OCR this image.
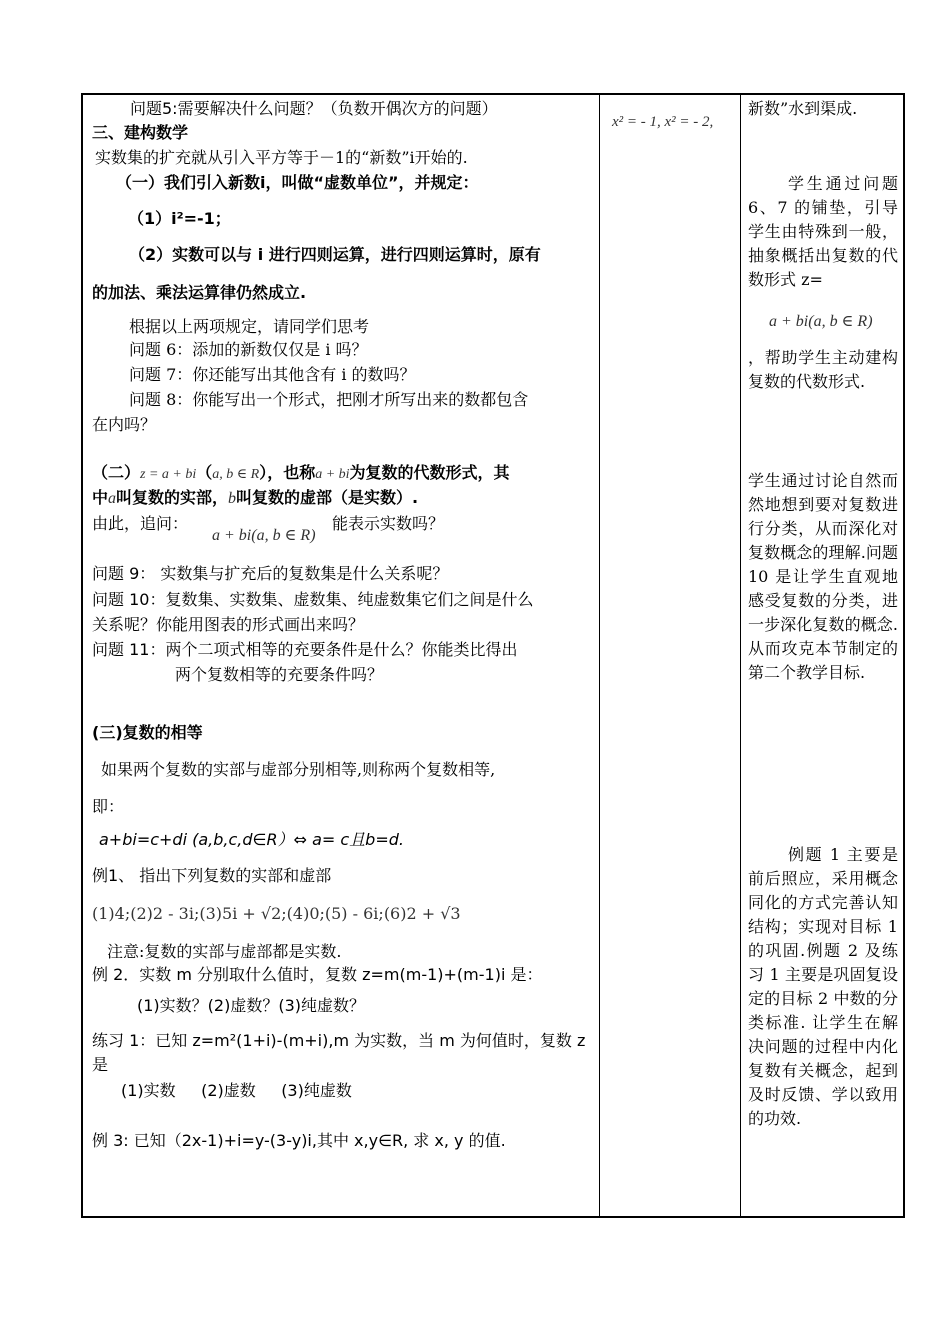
问题5:需要解决什么问题？（负数开偶次方的问题）
三、建构数学
实数集的扩充就从引入平方等于－1的“新数”i开始的.
（一）我们引入新数i，叫做“虚数单位”，并规定：
（1）i²=-1；
（2）实数可以与 i 进行四则运算，进行四则运算时，原有
的加法、乘法运算律仍然成立.
根据以上两项规定，请同学们思考
问题 6：添加的新数仅仅是 i 吗？
问题 7：你还能写出其他含有 i 的数吗？
问题 8：你能写出一个形式，把刚才所写出来的数都包含
在内吗？
（二）z = a + bi（a, b ∈ R），也称a + bi为复数的代数形式，其
中a叫复数的实部，b叫复数的虚部（是实数）.
由此，追问：
a + bi(a, b ∈ R)
能表示实数吗？
问题 9： 实数集与扩充后的复数集是什么关系呢？
问题 10：复数集、实数集、虚数集、纯虚数集它们之间是什么
关系呢？你能用图表的形式画出来吗？
问题 11：两个二项式相等的充要条件是什么？你能类比得出
两个复数相等的充要条件吗？
(三)复数的相等
如果两个复数的实部与虚部分别相等,则称两个复数相等,
即：
a+bi=c+di (a,b,c,d∈R）⇔ a= c且b=d.
例1、 指出下列复数的实部和虚部
(1)4;(2)2 - 3i;(3)5i + √2;(4)0;(5) - 6i;(6)2 + √3
注意:复数的实部与虚部都是实数.
例 2．实数 m 分别取什么值时，复数 z=m(m-1)+(m-1)i 是：
(1)实数？(2)虚数？(3)纯虚数？
练习 1：已知 z=m²(1+i)-(m+i),m 为实数，当 m 为何值时，复数 z
是
(1)实数     (2)虚数     (3)纯虚数
例 3: 已知（2x-1)+i=y-(3-y)i,其中 x,y∈R, 求 x, y 的值.
x² = - 1, x² = - 2,
新数”水到渠成.
学生通过问题 6、7 的铺垫，引导学生由特殊到一般，抽象概括出复数的代数形式 z=
a + bi(a, b ∈ R)
，帮助学生主动建构复数的代数形式.
学生通过讨论自然而然地想到要对复数进行分类，从而深化对复数概念的理解.问题 10 是让学生直观地感受复数的分类，进一步深化复数的概念.从而攻克本节制定的第二个教学目标.
例题 1 主要是前后照应，采用概念同化的方式完善认知结构；实现对目标 1 的巩固.例题 2 及练习 1 主要是巩固复设定的目标 2 中数的分类标准. 让学生在解决问题的过程中内化复数有关概念，起到及时反馈、学以致用的功效.
